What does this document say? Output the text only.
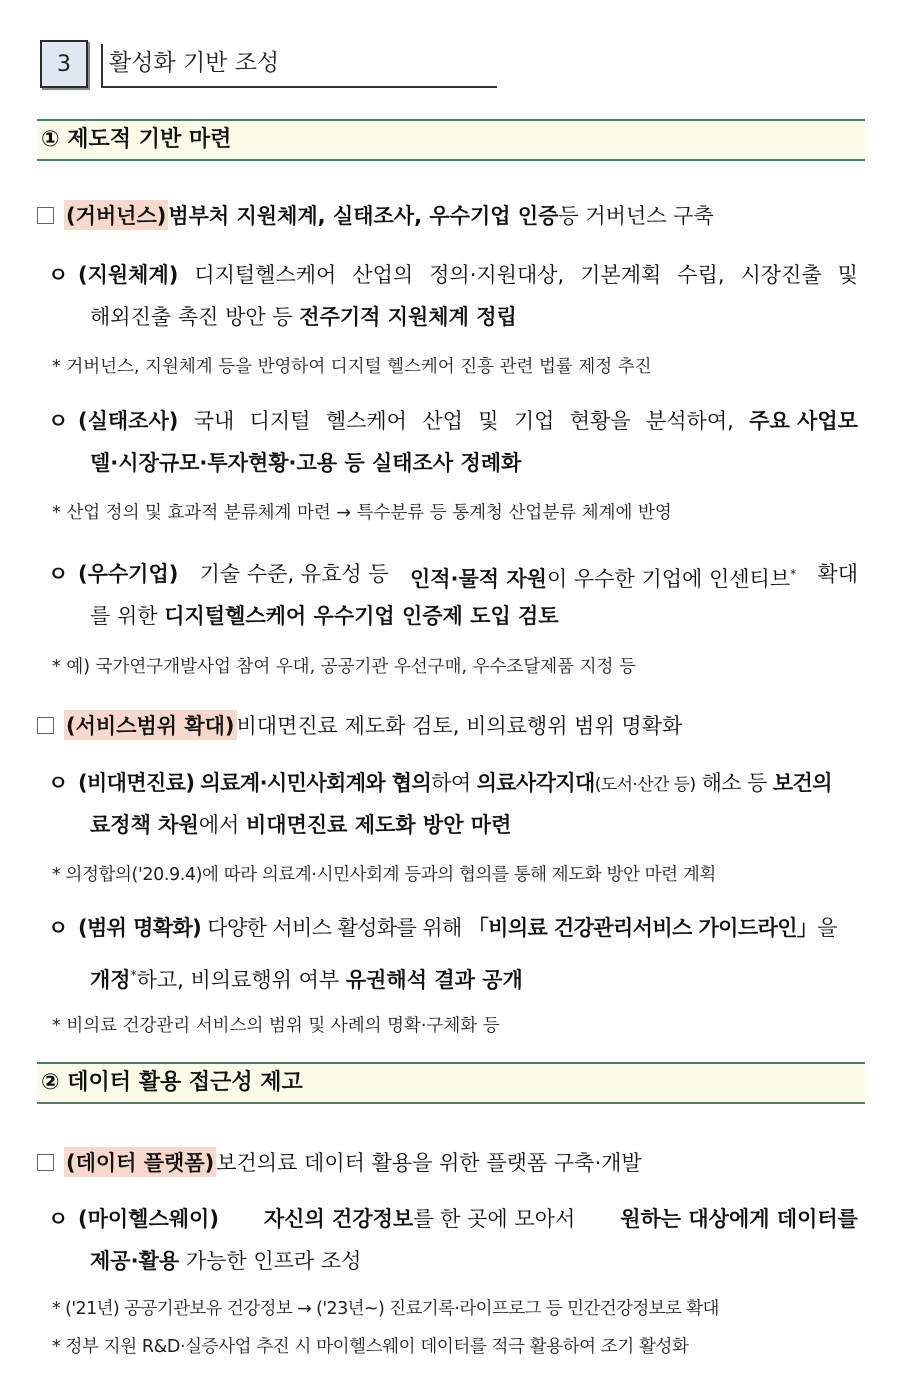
3	활성화 기반 조성
① 제도적 기반 마련
(거버넌스) 범부처 지원체계, 실태조사, 우수기업 인증 등 거버넌스 구축
ㅇ (지원체계) 디지털헬스케어 산업의 정의·지원대상, 기본계획 수립, 시장진출 및
해외진출 촉진 방안 등 전주기적 지원체계 정립
* 거버넌스, 지원체계 등을 반영하여 디지털 헬스케어 진흥 관련 법률 제정 추진
ㅇ (실태조사) 국내 디지털 헬스케어 산업 및 기업 현황을 분석하여, 주요 사업모
델·시장규모·투자현황·고용 등 실태조사 정례화
* 산업 정의 및 효과적 분류체계 마련 → 특수분류 등 통계청 산업분류 체계에 반영
ㅇ (우수기업) 기술 수준, 유효성 등 인적·물적 자원이 우수한 기업에 인센티브* 확대
를 위한 디지털헬스케어 우수기업 인증제 도입 검토
* 예) 국가연구개발사업 참여 우대, 공공기관 우선구매, 우수조달제품 지정 등
(서비스범위 확대) 비대면진료 제도화 검토, 비의료행위 범위 명확화
ㅇ (비대면진료) 의료계·시민사회계와 협의하여 의료사각지대(도서·산간 등) 해소 등 보건의
료정책 차원에서 비대면진료 제도화 방안 마련
* 의정합의('20.9.4)에 따라 의료계·시민사회계 등과의 협의를 통해 제도화 방안 마련 계획
ㅇ (범위 명확화) 다양한 서비스 활성화를 위해 「비의료 건강관리서비스 가이드라인」을
개정*하고, 비의료행위 여부 유권해석 결과 공개
* 비의료 건강관리 서비스의 범위 및 사례의 명확·구체화 등
② 데이터 활용 접근성 제고
(데이터 플랫폼) 보건의료 데이터 활용을 위한 플랫폼 구축·개발
ㅇ (마이헬스웨이) 자신의 건강정보를 한 곳에 모아서 원하는 대상에게 데이터를
제공·활용 가능한 인프라 조성
* ('21년) 공공기관보유 건강정보 → ('23년~) 진료기록·라이프로그 등 민간건강정보로 확대
* 정부 지원 R&D·실증사업 추진 시 마이헬스웨이 데이터를 적극 활용하여 조기 활성화
